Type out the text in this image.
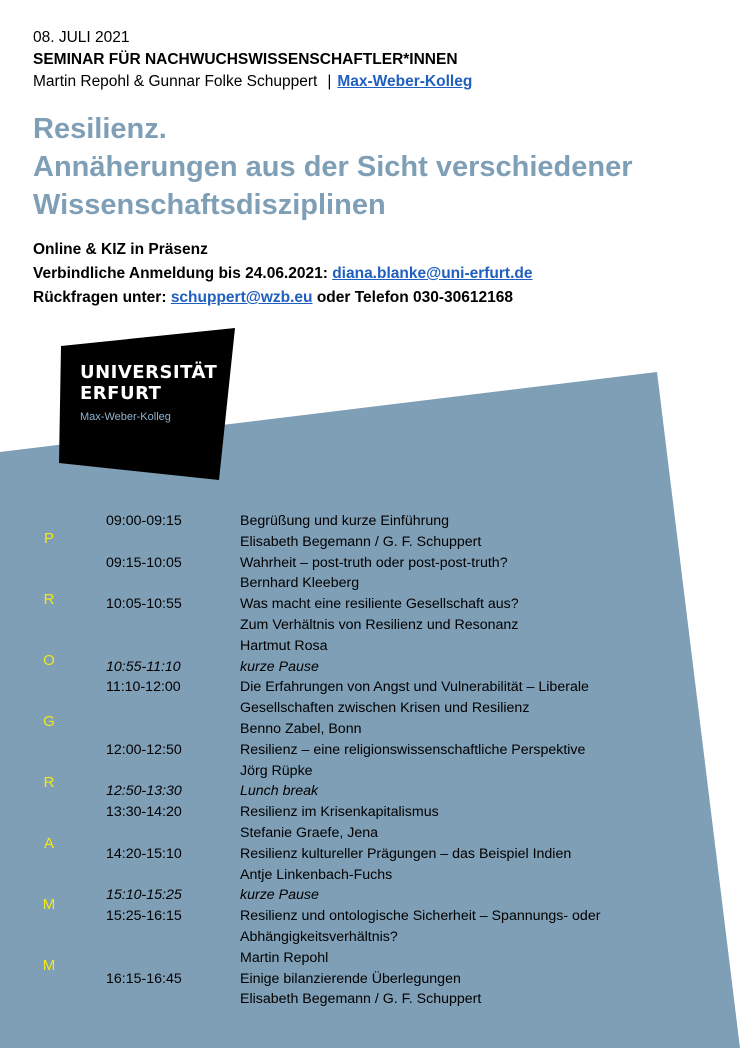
08. JULI 2021
SEMINAR FÜR NACHWUCHSWISSENSCHAFTLER*INNEN
Martin Repohl & Gunnar Folke Schuppert | Max-Weber-Kolleg
Resilienz.
Annäherungen aus der Sicht verschiedener
Wissenschaftsdisziplinen
Online & KIZ in Präsenz
Verbindliche Anmeldung bis 24.06.2021: diana.blanke@uni-erfurt.de
Rückfragen unter: schuppert@wzb.eu oder Telefon 030-30612168
UNIVERSITÄT
ERFURT
Max-Weber-Kolleg
P
R
O
G
R
A
M
M
09:00-09:15	Begrüßung und kurze Einführung
Elisabeth Begemann / G. F. Schuppert
09:15-10:05	Wahrheit – post-truth oder post-post-truth?
Bernhard Kleeberg
10:05-10:55	Was macht eine resiliente Gesellschaft aus?
Zum Verhältnis von Resilienz und Resonanz
Hartmut Rosa
10:55-11:10	kurze Pause
11:10-12:00	Die Erfahrungen von Angst und Vulnerabilität – Liberale
Gesellschaften zwischen Krisen und Resilienz
Benno Zabel, Bonn
12:00-12:50	Resilienz – eine religionswissenschaftliche Perspektive
Jörg Rüpke
12:50-13:30	Lunch break
13:30-14:20	Resilienz im Krisenkapitalismus
Stefanie Graefe, Jena
14:20-15:10	Resilienz kultureller Prägungen – das Beispiel Indien
Antje Linkenbach-Fuchs
15:10-15:25	kurze Pause
15:25-16:15	Resilienz und ontologische Sicherheit – Spannungs- oder
Abhängigkeitsverhältnis?
Martin Repohl
16:15-16:45	Einige bilanzierende Überlegungen
Elisabeth Begemann / G. F. Schuppert
